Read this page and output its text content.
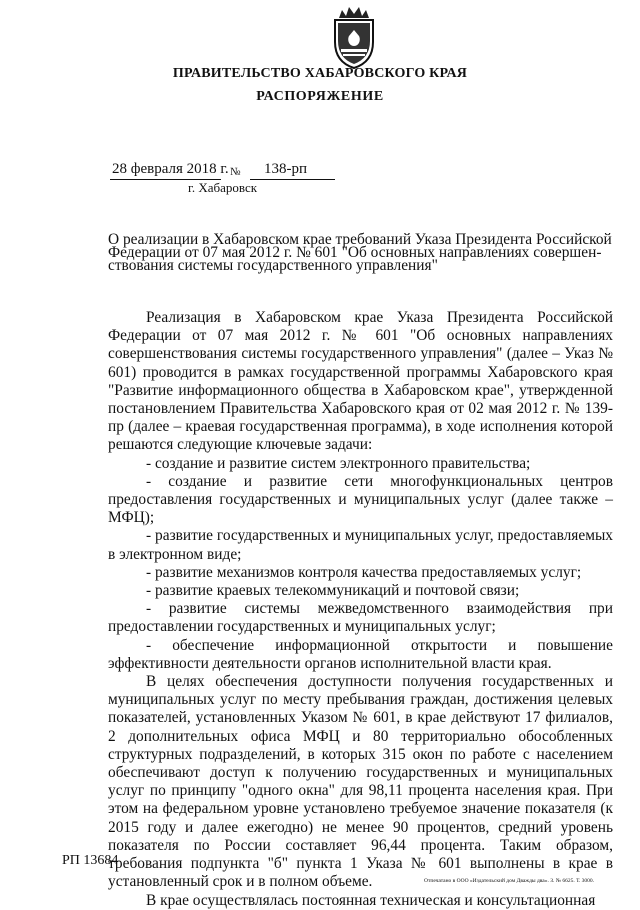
ПРАВИТЕЛЬСТВО ХАБАРОВСКОГО КРАЯ
РАСПОРЯЖЕНИЕ
28 февраля 2018 г. № 138-рп
г. Хабаровск
О реализации в Хабаровском крае требований Указа Президента Российской
Федерации от 07 мая 2012 г. № 601 "Об основных направлениях совершен-
ствования системы государственного управления"

Реализация в Хабаровском крае Указа Президента Российской Федерации от 07 мая 2012 г. № 601 "Об основных направлениях совершенствования системы государственного управления" (далее – Указ № 601) проводится в рамках государственной программы Хабаровского края "Развитие информационного общества в Хабаровском крае", утвержденной постановлением Правительства Хабаровского края от 02 мая 2012 г. № 139-пр (далее – краевая государственная программа), в ходе исполнения которой решаются следующие ключевые задачи:

- создание и развитие систем электронного правительства;

- создание и развитие сети многофункциональных центров предоставления государственных и муниципальных услуг (далее также – МФЦ);

- развитие государственных и муниципальных услуг, предоставляемых в электронном виде;

- развитие механизмов контроля качества предоставляемых услуг;

- развитие краевых телекоммуникаций и почтовой связи;

- развитие системы межведомственного взаимодействия при предоставлении государственных и муниципальных услуг;

- обеспечение информационной открытости и повышение эффективности деятельности органов исполнительной власти края.

В целях обеспечения доступности получения государственных и муниципальных услуг по месту пребывания граждан, достижения целевых показателей, установленных Указом № 601, в крае действуют 17 филиалов, 2 дополнительных офиса МФЦ и 80 территориально обособленных структурных подразделений, в которых 315 окон по работе с населением обеспечивают доступ к получению государственных и муниципальных услуг по принципу "одного окна" для 98,11 процента населения края. При этом на федеральном уровне установлено требуемое значение показателя (к 2015 году и далее ежегодно) не менее 90 процентов, средний уровень показателя по России составляет 96,44 процента. Таким образом, требования подпункта "б" пункта 1 Указа № 601 выполнены в крае в установленный срок и в полном объеме.

В крае осуществлялась постоянная техническая и консультационная

РП 13684
Отпечатано в ООО «Издательский дом Дважды два». З. № 6625. Т. 3000.
